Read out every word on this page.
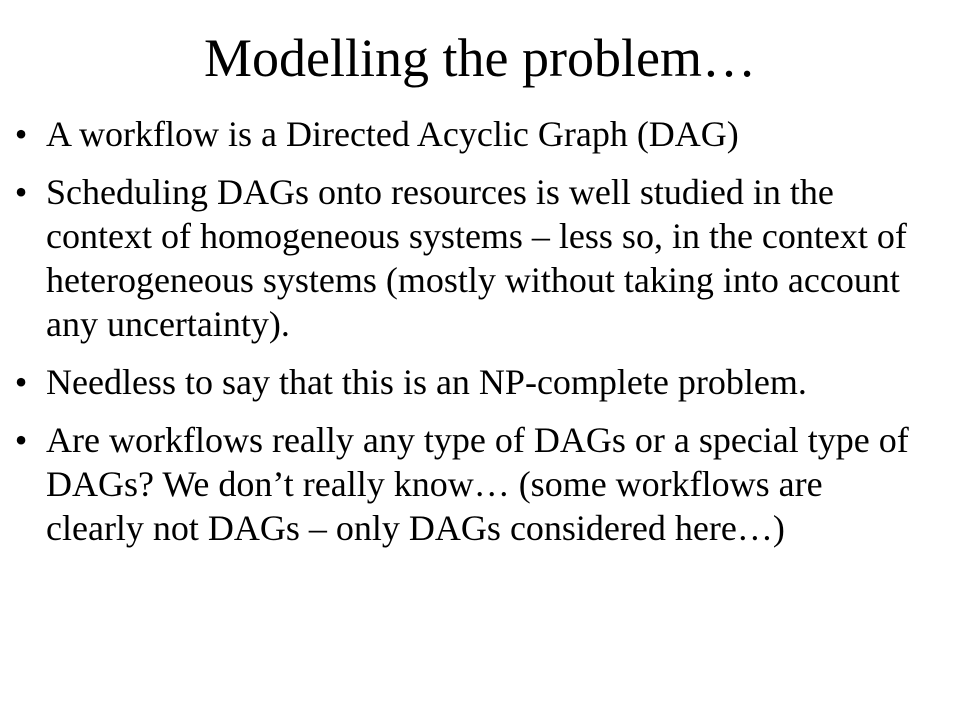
Modelling the problem…
• A workflow is a Directed Acyclic Graph (DAG)
• Scheduling DAGs onto resources is well studied in the context of homogeneous systems – less so, in the context of heterogeneous systems (mostly without taking into account any uncertainty).
• Needless to say that this is an NP-complete problem.
• Are workflows really any type of DAGs or a special type of DAGs? We don’t really know… (some workflows are clearly not DAGs – only DAGs considered here…)
